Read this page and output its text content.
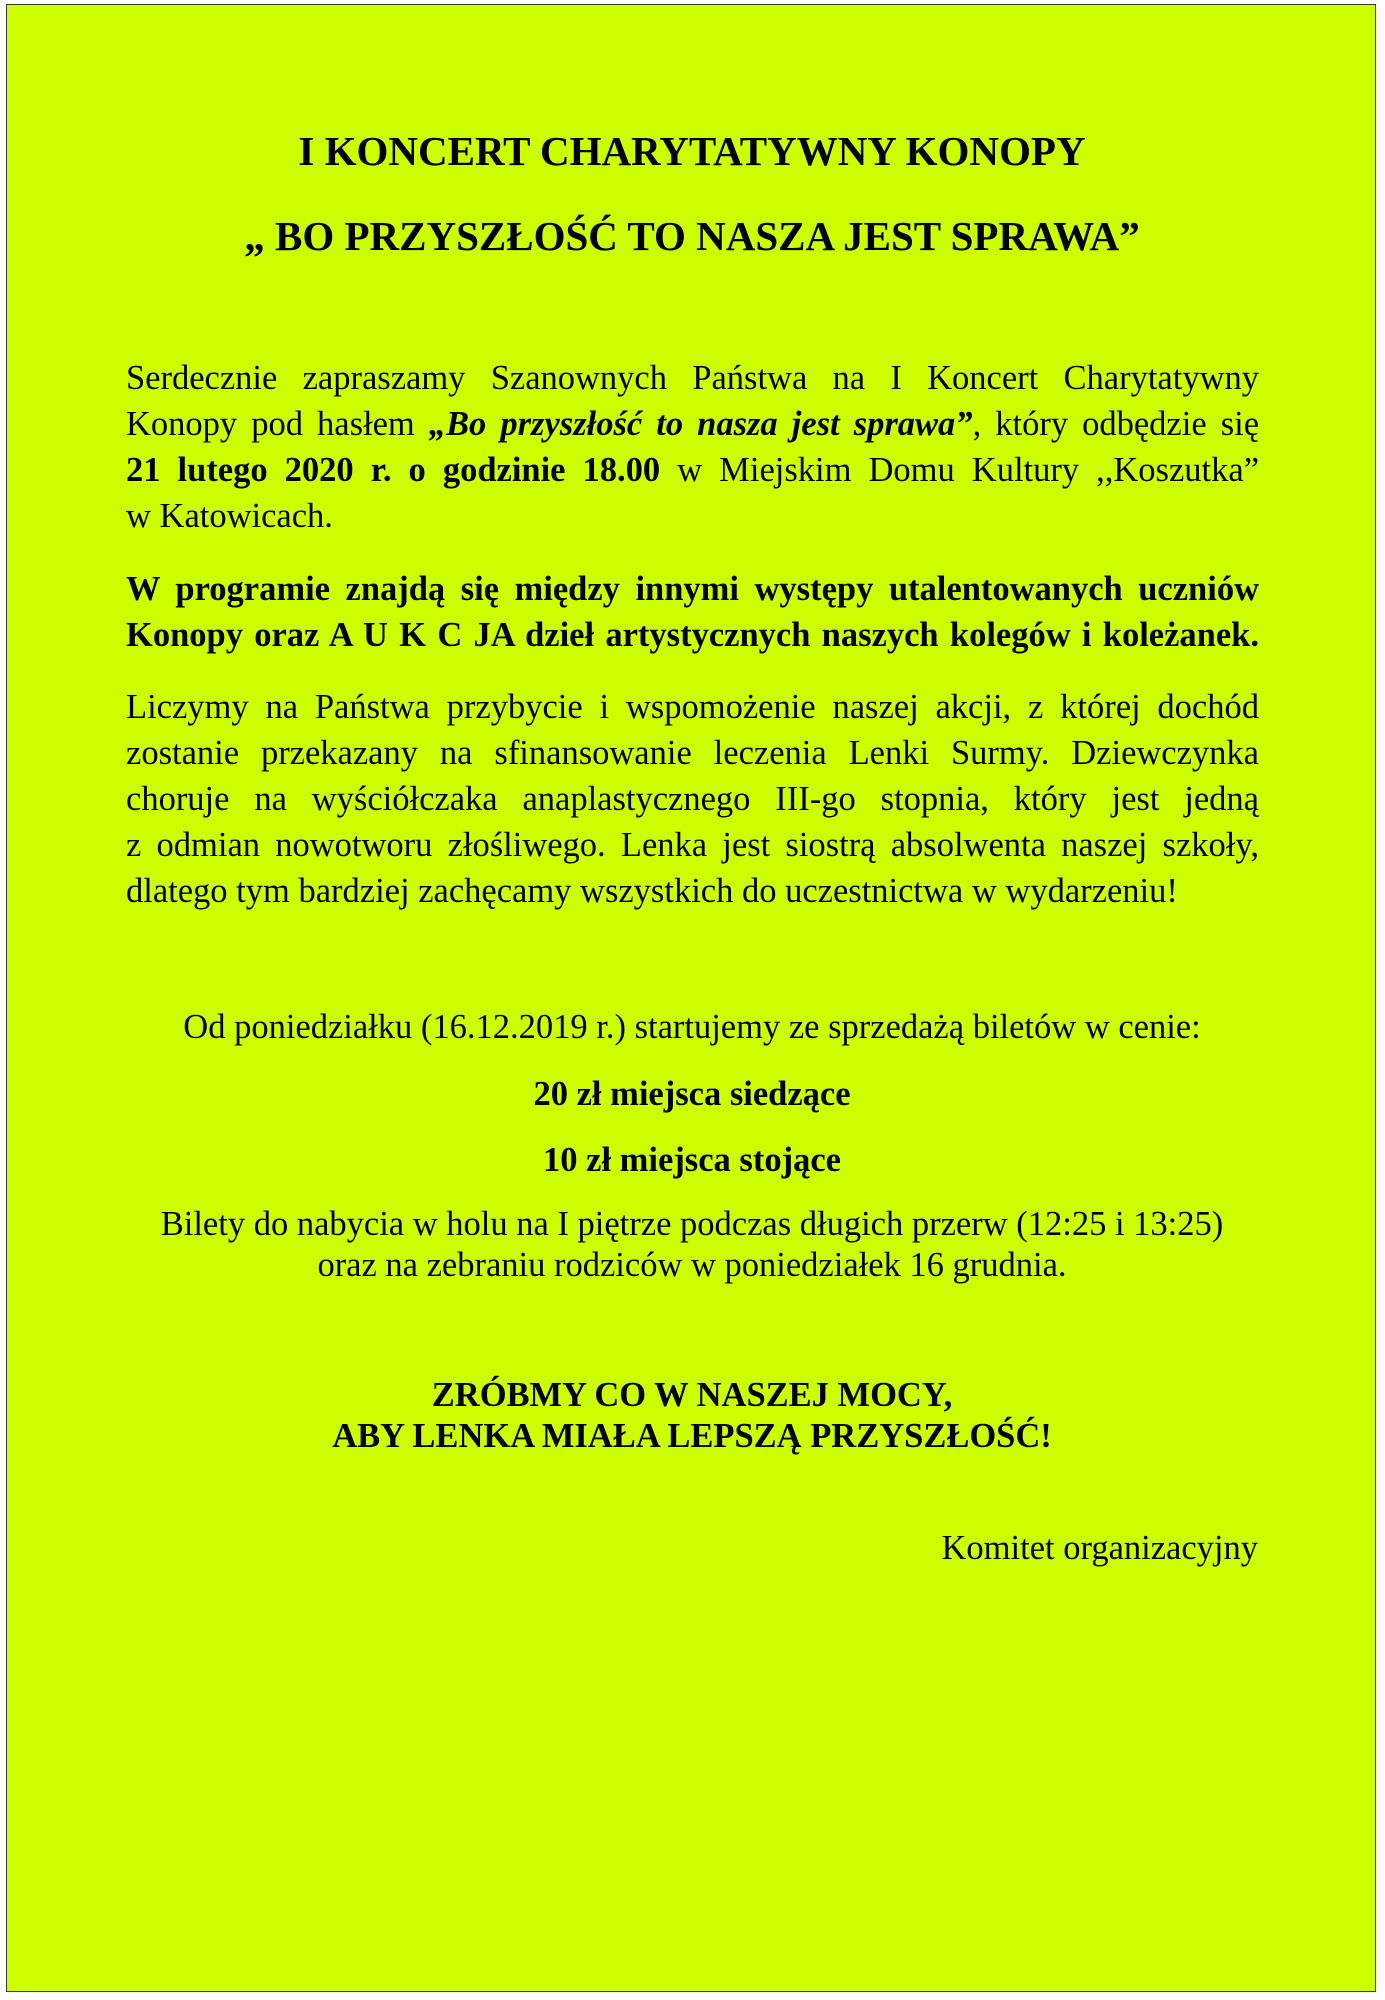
I KONCERT CHARYTATYWNY KONOPY

„ BO PRZYSZŁOŚĆ TO NASZA JEST SPRAWA”

Serdecznie zapraszamy Szanownych Państwa na I Koncert Charytatywny

Konopy pod hasłem „Bo przyszłość to nasza jest sprawa”, który odbędzie się

21 lutego 2020 r. o godzinie 18.00 w Miejskim Domu Kultury ,,Koszutka”

w Katowicach.

W programie znajdą się między innymi występy utalentowanych uczniów

Konopy oraz A U K C JA dzieł artystycznych naszych kolegów i koleżanek.

Liczymy na Państwa przybycie i wspomożenie naszej akcji, z której dochód

zostanie przekazany na sfinansowanie leczenia Lenki Surmy. Dziewczynka

choruje na wyściółczaka anaplastycznego III-go stopnia, który jest jedną

z odmian nowotworu złośliwego. Lenka jest siostrą absolwenta naszej szkoły,

dlatego tym bardziej zachęcamy wszystkich do uczestnictwa w wydarzeniu!

Od poniedziałku (16.12.2019 r.) startujemy ze sprzedażą biletów w cenie:

20 zł miejsca siedzące

10 zł miejsca stojące

Bilety do nabycia w holu na I piętrze podczas długich przerw (12:25 i 13:25)

oraz na zebraniu rodziców w poniedziałek 16 grudnia.

ZRÓBMY CO W NASZEJ MOCY,

ABY LENKA MIAŁA LEPSZĄ PRZYSZŁOŚĆ!

Komitet organizacyjny
